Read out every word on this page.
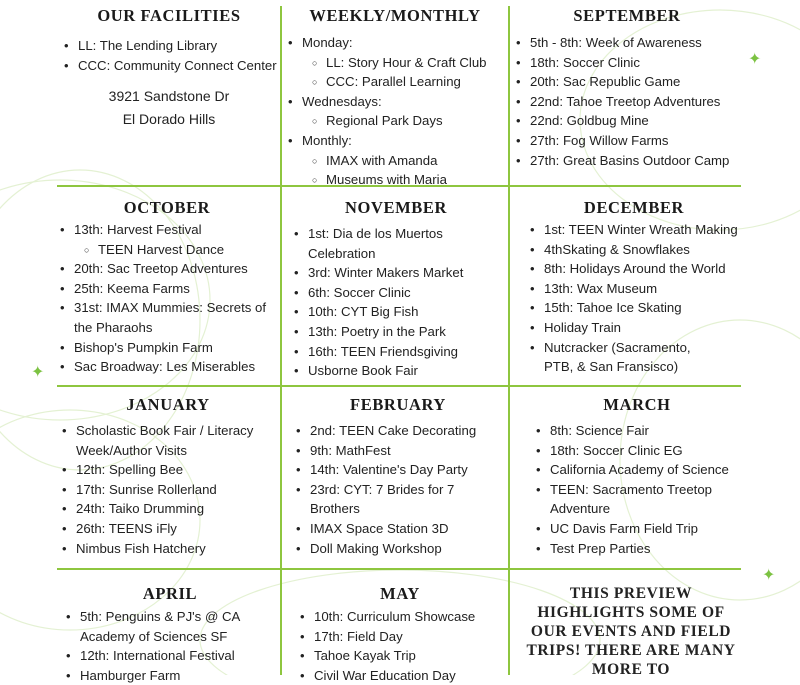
✦
✦
✦
OUR FACILITIES
• LL: The Lending Library
• CCC: Community Connect Center
3921 Sandstone Dr
El Dorado Hills
WEEKLY/MONTHLY
• Monday:
○ LL: Story Hour & Craft Club
○ CCC: Parallel Learning
• Wednesdays:
○ Regional Park Days
• Monthly:
○ IMAX with Amanda
○ Museums with Maria
SEPTEMBER
• 5th - 8th: Week of Awareness
• 18th: Soccer Clinic
• 20th: Sac Republic Game
• 22nd: Tahoe Treetop Adventures
• 22nd: Goldbug Mine
• 27th: Fog Willow Farms
• 27th: Great Basins Outdoor Camp
OCTOBER
• 13th: Harvest Festival
○ TEEN Harvest Dance
• 20th: Sac Treetop Adventures
• 25th: Keema Farms
• 31st: IMAX Mummies: Secrets of the Pharaohs
• Bishop's Pumpkin Farm
• Sac Broadway: Les Miserables
NOVEMBER
• 1st: Dia de los Muertos Celebration
• 3rd: Winter Makers Market
• 6th: Soccer Clinic
• 10th: CYT Big Fish
• 13th: Poetry in the Park
• 16th: TEEN Friendsgiving
• Usborne Book Fair
DECEMBER
• 1st: TEEN Winter Wreath Making
• 4thSkating & Snowflakes
• 8th: Holidays Around the World
• 13th: Wax Museum
• 15th: Tahoe Ice Skating
• Holiday Train
• Nutcracker (Sacramento, PTB, & San Fransisco)
JANUARY
• Scholastic Book Fair / Literacy Week/Author Visits
• 12th: Spelling Bee
• 17th: Sunrise Rollerland
• 24th: Taiko Drumming
• 26th: TEENS iFly
• Nimbus Fish Hatchery
FEBRUARY
• 2nd: TEEN Cake Decorating
• 9th: MathFest
• 14th: Valentine's Day Party
• 23rd: CYT: 7 Brides for 7 Brothers
• IMAX Space Station 3D
• Doll Making Workshop
MARCH
• 8th: Science Fair
• 18th: Soccer Clinic EG
• California Academy of Science
• TEEN: Sacramento Treetop Adventure
• UC Davis Farm Field Trip
• Test Prep Parties
APRIL
• 5th: Penguins & PJ's @ CA Academy of Sciences SF
• 12th: International Festival
• Hamburger Farm
MAY
• 10th: Curriculum Showcase
• 17th: Field Day
• Tahoe Kayak Trip
• Civil War Education Day
THIS PREVIEW HIGHLIGHTS SOME OF OUR EVENTS AND FIELD TRIPS! THERE ARE MANY MORE TO
